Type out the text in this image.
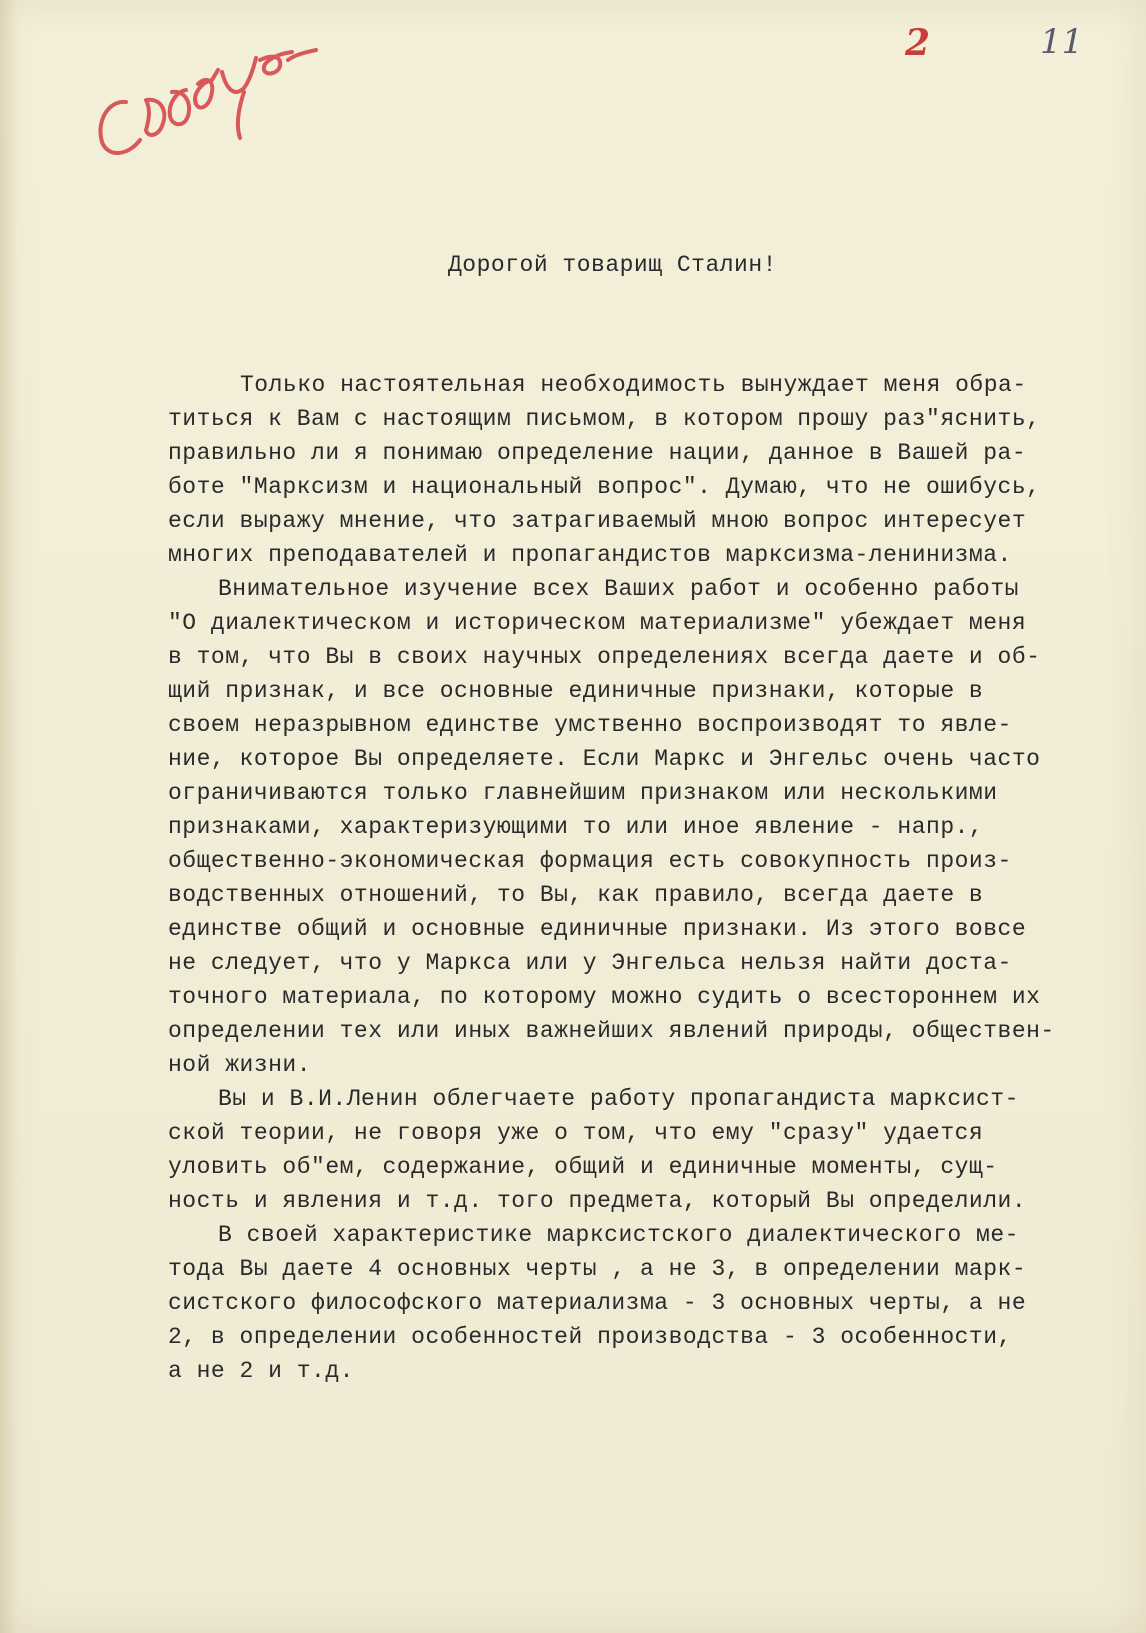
2	11
Дорогой товарищ Сталин!
Только настоятельная необходимость вынуждает меня обра-
титься к Вам с настоящим письмом, в котором прошу раз"яснить,
правильно ли я понимаю определение нации, данное в Вашей ра-
боте "Марксизм и национальный вопрос". Думаю, что не ошибусь,
если выражу мнение, что затрагиваемый мною вопрос интересует
многих преподавателей и пропагандистов марксизма-ленинизма.
Внимательное изучение всех Ваших работ и особенно работы
"О диалектическом и историческом материализме" убеждает меня
в том, что Вы в своих научных определениях всегда даете и об-
щий признак, и все основные единичные признаки, которые в
своем неразрывном единстве умственно воспроизводят то явле-
ние, которое Вы определяете. Если Маркс и Энгельс очень часто
ограничиваются только главнейшим признаком или несколькими
признаками, характеризующими то или иное явление - напр.,
общественно-экономическая формация есть совокупность произ-
водственных отношений, то Вы, как правило, всегда даете в
единстве общий и основные единичные признаки. Из этого вовсе
не следует, что у Маркса или у Энгельса нельзя найти доста-
точного материала, по которому можно судить о всестороннем их
определении тех или иных важнейших явлений природы, обществен-
ной жизни.
Вы и В.И.Ленин облегчаете работу пропагандиста марксист-
ской теории, не говоря уже о том, что ему "сразу" удается
уловить об"ем, содержание, общий и единичные моменты, сущ-
ность и явления и т.д. того предмета, который Вы определили.
В своей характеристике марксистского диалектического ме-
тода Вы даете 4 основных черты , а не 3, в определении марк-
систского философского материализма - 3 основных черты, а не
2, в определении особенностей производства - 3 особенности,
а не 2 и т.д.
